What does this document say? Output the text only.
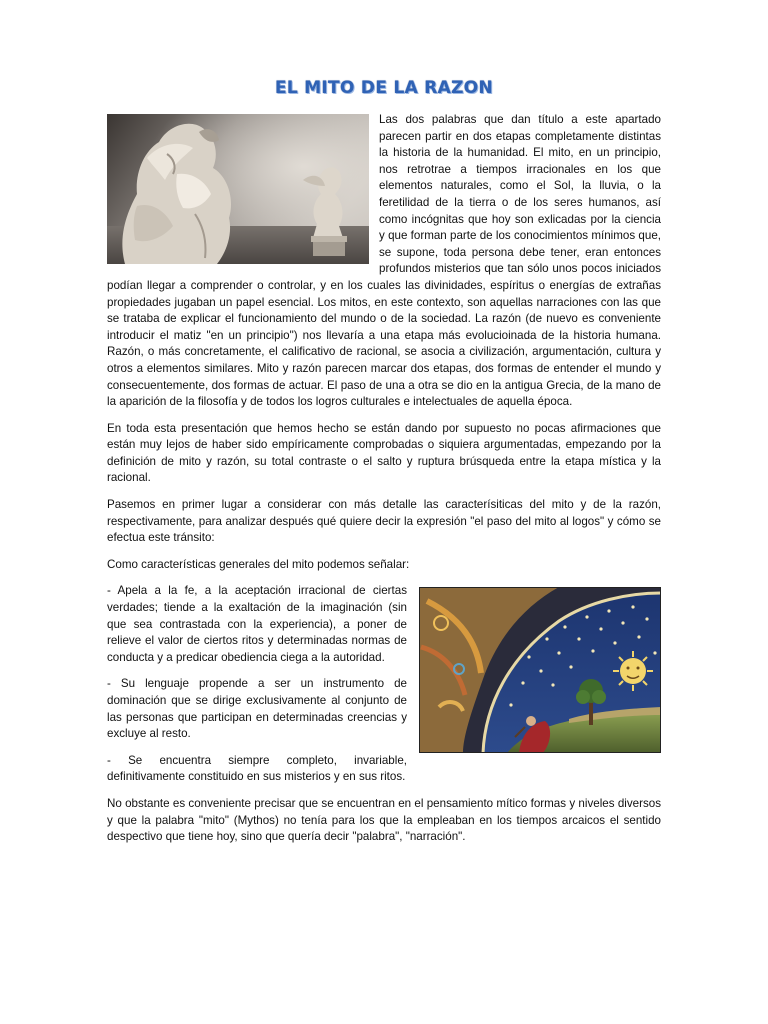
EL MITO DE LA RAZON

Las dos palabras que dan título a este apartado parecen partir en dos etapas completamente distintas la historia de la humanidad. El mito, en un principio, nos retrotrae a tiempos irracionales en los que elementos naturales, como el Sol, la lluvia, o la feretilidad de la tierra o de los seres humanos, así como incógnitas que hoy son exlicadas por la ciencia y que forman parte de los conocimientos mínimos que, se supone, toda persona debe tener, eran entonces profundos misterios que tan sólo unos pocos iniciados podían llegar a comprender o controlar, y en los cuales las divinidades, espíritus o energías de extrañas propiedades jugaban un papel esencial. Los mitos, en este contexto, son aquellas narraciones con las que se trataba de explicar el funcionamiento del mundo o de la sociedad. La razón (de nuevo es conveniente introducir el matiz "en un principio") nos llevaría a una etapa más evolucioinada de la historia humana. Razón, o más concretamente, el calificativo de racional, se asocia a civilización, argumentación, cultura y otros a elementos similares. Mito y razón parecen marcar dos etapas, dos formas de entender el mundo y consecuentemente, dos formas de actuar. El paso de una a otra se dio en la antigua Grecia, de la mano de la aparición de la filosofía y de todos los logros culturales e intelectuales de aquella época.

En toda esta presentación que hemos hecho se están dando por supuesto no pocas afirmaciones que están muy lejos de haber sido empíricamente comprobadas o siquiera argumentadas, empezando por la definición de mito y razón, su total contraste o el salto y ruptura brúsqueda entre la etapa mística y la racional.

Pasemos en primer lugar a considerar con más detalle las caracterísiticas del mito y de la razón, respectivamente, para analizar después qué quiere decir la expresión "el paso del mito al logos" y cómo se efectua este tránsito:

Como características generales del mito podemos señalar:

- Apela a la fe, a la aceptación irracional de ciertas verdades; tiende a la exaltación de la imaginación (sin que sea contrastada con la experiencia), a poner de relieve el valor de ciertos ritos y determinadas normas de conducta y a predicar obediencia ciega a la autoridad.

- Su lenguaje propende a ser un instrumento de dominación que se dirige exclusivamente al conjunto de las personas que participan en determinadas creencias y excluye al resto.

- Se encuentra siempre completo, invariable, definitivamente constituido en sus misterios y en sus ritos.

No obstante es conveniente precisar que se encuentran en el pensamiento mítico formas y niveles diversos y que la palabra "mito" (Mythos) no tenía para los que la empleaban en los tiempos arcaicos el sentido despectivo que tiene hoy, sino que quería decir "palabra", "narración".
